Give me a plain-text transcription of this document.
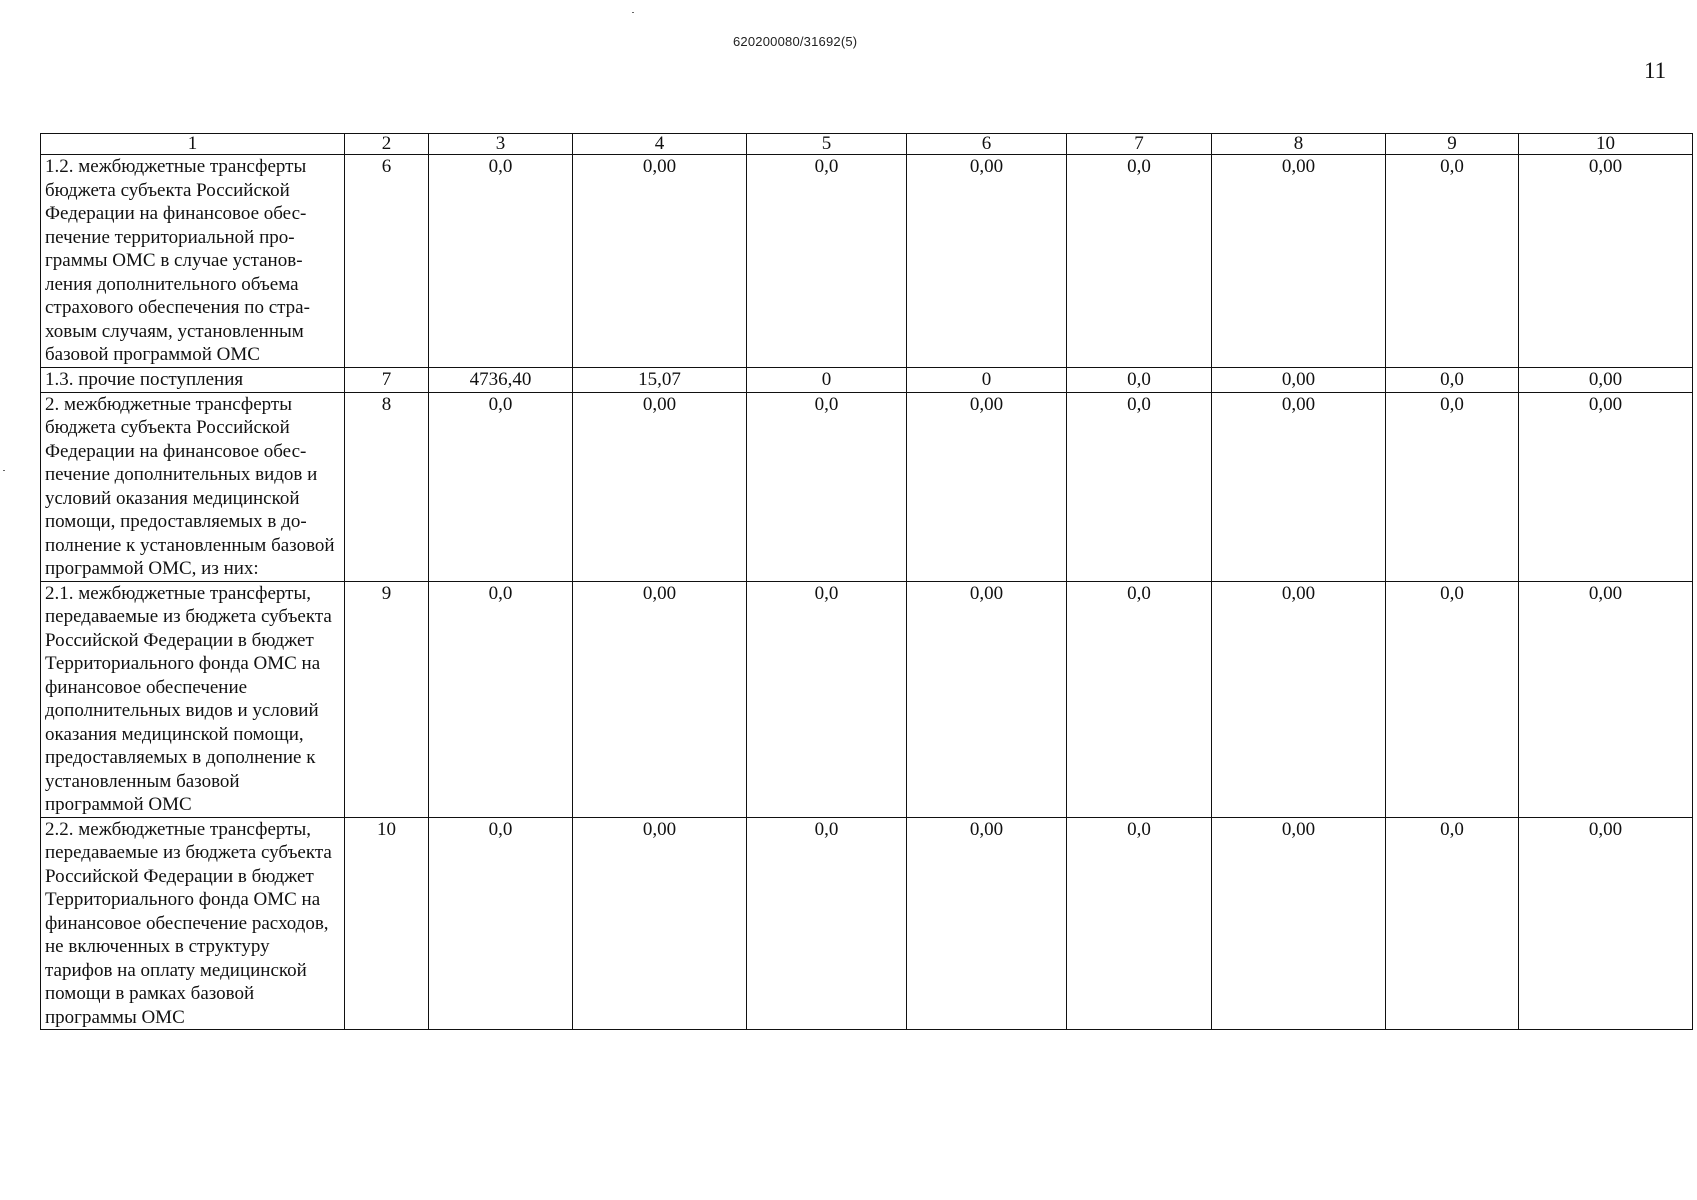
620200080/31692(5)
11
1	2	3	4	5	6	7	8	9	10
1.2. межбюджетные трансферты бюджета субъекта Российской Федерации на финансовое обеспечение территориальной программы ОМС в случае установления дополнительного объема страхового обеспечения по страховым случаям, установленным базовой программой ОМС	6	0,0	0,00	0,0	0,00	0,0	0,00	0,0	0,00
1.3. прочие поступления	7	4736,40	15,07	0	0	0,0	0,00	0,0	0,00
2. межбюджетные трансферты бюджета субъекта Российской Федерации на финансовое обеспечение дополнительных видов и условий оказания медицинской помощи, предоставляемых в дополнение к установленным базовой программой ОМС, из них:	8	0,0	0,00	0,0	0,00	0,0	0,00	0,0	0,00
2.1. межбюджетные трансферты, передаваемые из бюджета субъекта Российской Федерации в бюджет Территориального фонда ОМС на финансовое обеспечение дополнительных видов и условий оказания медицинской помощи, предоставляемых в дополнение к установленным базовой программой ОМС	9	0,0	0,00	0,0	0,00	0,0	0,00	0,0	0,00
2.2. межбюджетные трансферты, передаваемые из бюджета субъекта Российской Федерации в бюджет Территориального фонда ОМС на финансовое обеспечение расходов, не включенных в структуру тарифов на оплату медицинской помощи в рамках базовой программы ОМС	10	0,0	0,00	0,0	0,00	0,0	0,00	0,0	0,00
